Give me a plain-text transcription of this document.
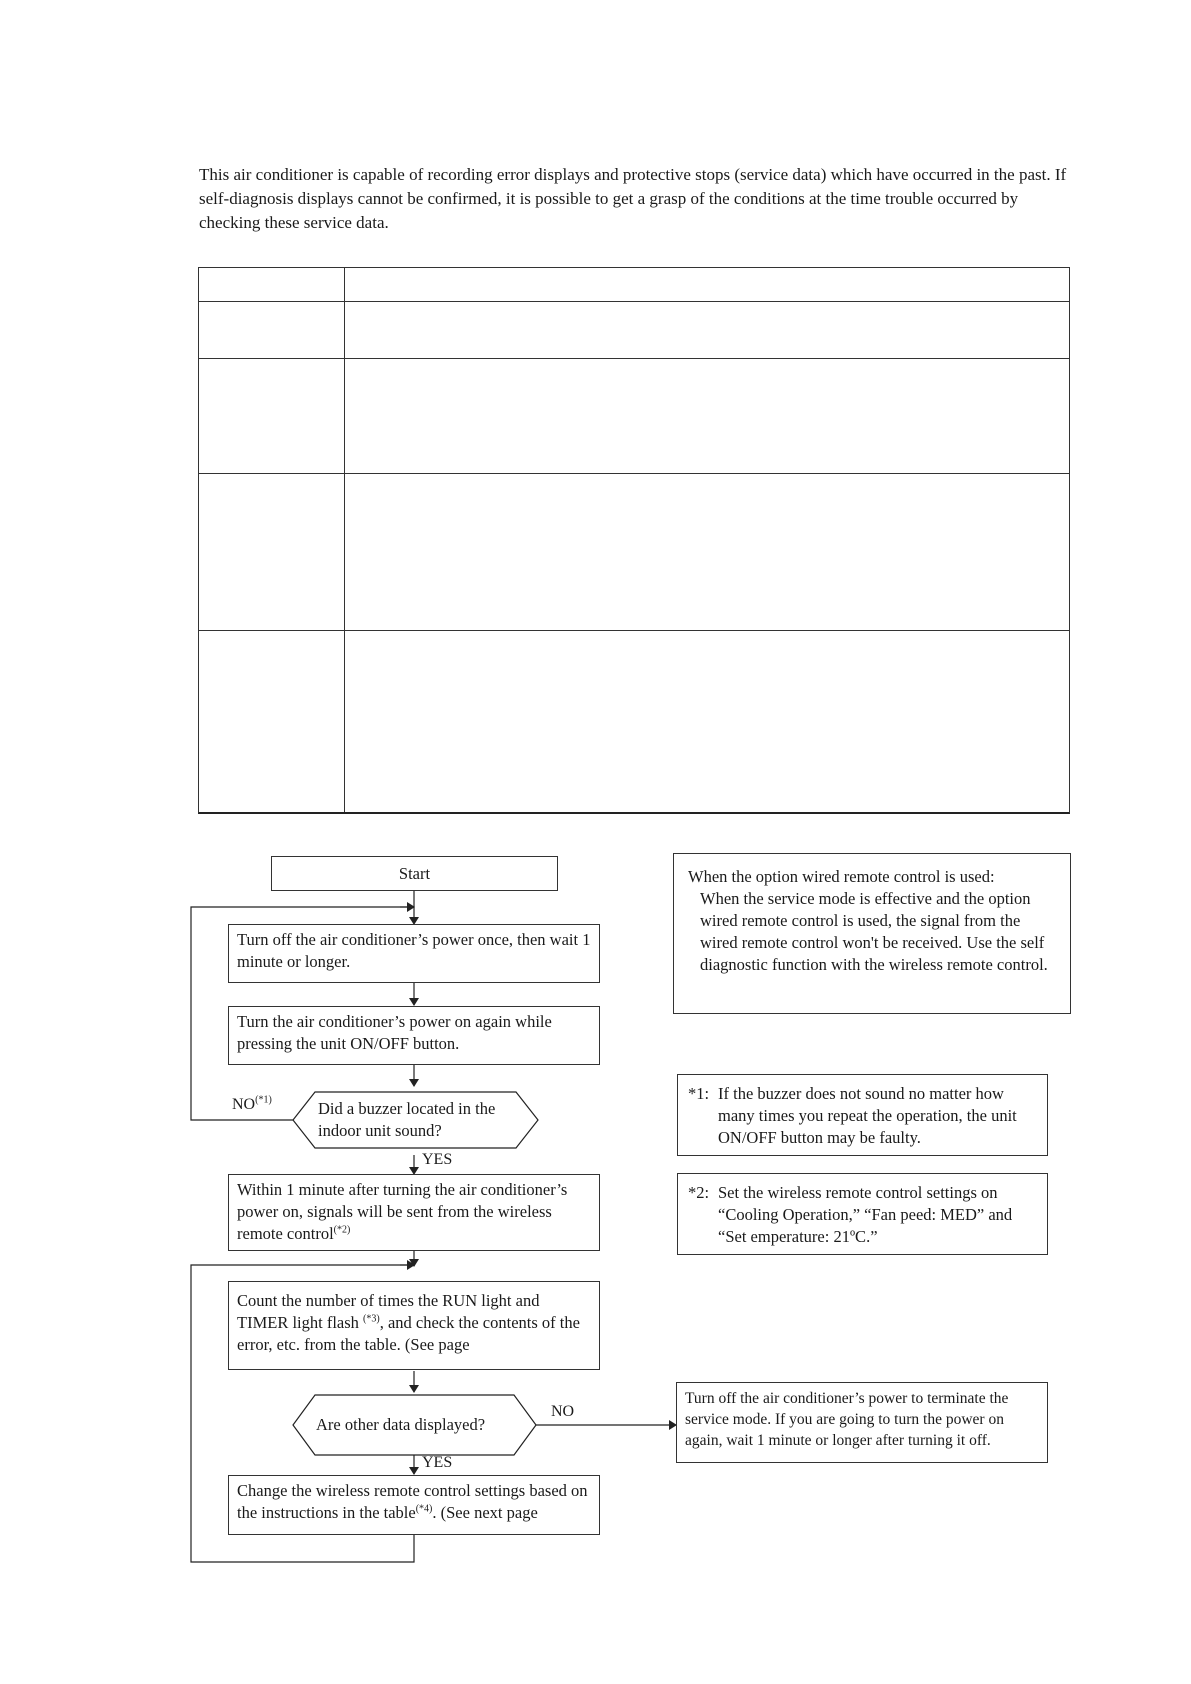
This air conditioner is capable of recording error displays and protective stops (service data) which have occurred in the past. If self-diagnosis displays cannot be confirmed, it is possible to get a grasp of the conditions at the time trouble occurred by checking these service data.

Start
Turn off the air conditioner’s power once, then wait 1 minute or longer.
Turn the air conditioner’s power on again while pressing the unit ON/OFF button.
Did a buzzer located in the indoor unit sound?
$NO^{(*1)}$
YES
Within 1 minute after turning the air conditioner’s power on, signals will be sent from the wireless remote control$^{(*2)}$
Count the number of times the RUN light and TIMER light flash $^{(*3)}$, and check the contents of the error, etc. from the table. (See page
Are other data displayed?
NO
YES
Change the wireless remote control settings based on the instructions in the table$^{(*4)}$. (See next page
Turn off the air conditioner’s power to terminate the service mode. If you are going to turn the power on again, wait 1 minute or longer after turning it off.
When the option wired remote control is used:
When the service mode is effective and the option wired remote control is used, the signal from the wired remote control won't be received. Use the self diagnostic function with the wireless remote control.
*1: If the buzzer does not sound no matter how many times you repeat the operation, the unit ON/OFF button may be faulty.
*2: Set the wireless remote control settings on “Cooling Operation,” “Fan peed: MED” and “Set emperature: 21ºC.”
